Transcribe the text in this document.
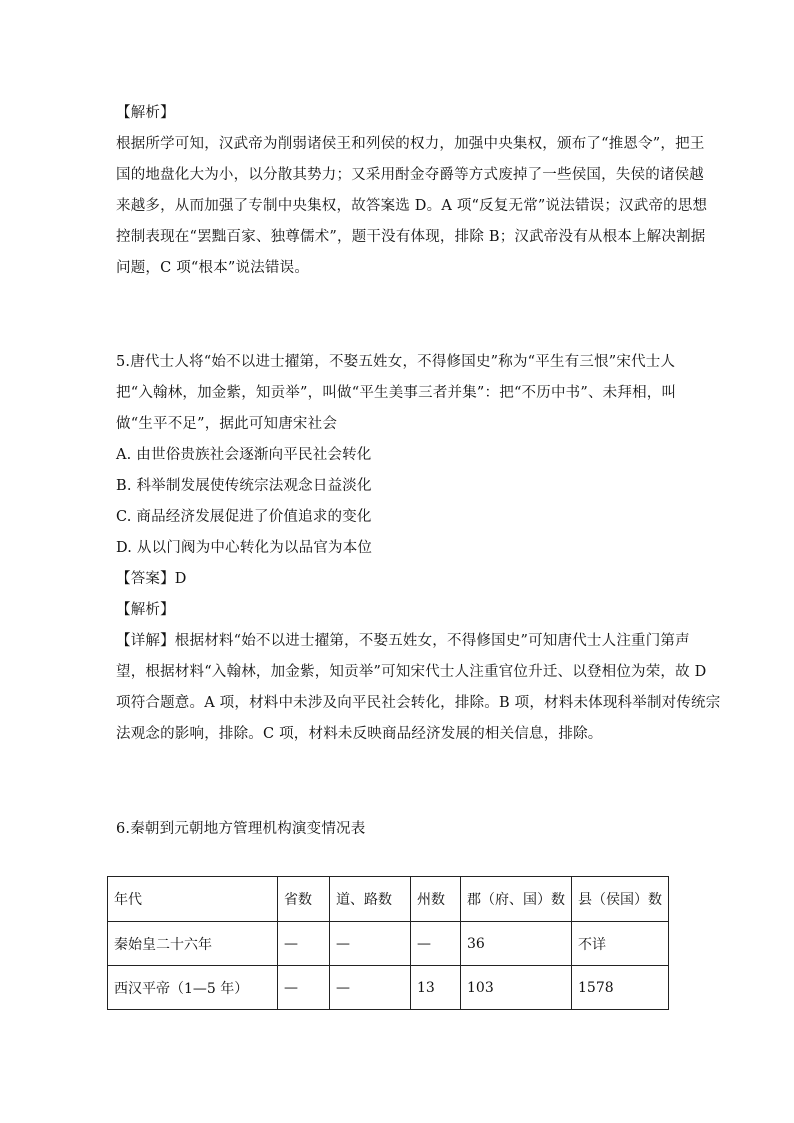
【解析】
根据所学可知，汉武帝为削弱诸侯王和列侯的权力，加强中央集权，颁布了“推恩令”，把王
国的地盘化大为小，以分散其势力；又采用酎金夺爵等方式废掉了一些侯国，失侯的诸侯越
来越多，从而加强了专制中央集权，故答案选 D。A 项“反复无常”说法错误；汉武帝的思想
控制表现在“罢黜百家、独尊儒术”，题干没有体现，排除 B；汉武帝没有从根本上解决割据
问题，C 项“根本”说法错误。
5.唐代士人将“始不以进士擢第，不娶五姓女，不得修国史”称为“平生有三恨”宋代士人
把“入翰林，加金紫，知贡举”，叫做“平生美事三者并集”：把“不历中书”、未拜相，叫
做“生平不足”，据此可知唐宋社会
A. 由世俗贵族社会逐渐向平民社会转化
B. 科举制发展使传统宗法观念日益淡化
C. 商品经济发展促进了价值追求的变化
D. 从以门阀为中心转化为以品官为本位
【答案】D
【解析】
【详解】根据材料“始不以进士擢第，不娶五姓女，不得修国史”可知唐代士人注重门第声
望，根据材料“入翰林，加金紫，知贡举”可知宋代士人注重官位升迁、以登相位为荣，故 D
项符合题意。A 项，材料中未涉及向平民社会转化，排除。B 项，材料未体现科举制对传统宗
法观念的影响，排除。C 项，材料未反映商品经济发展的相关信息，排除。
6.秦朝到元朝地方管理机构演变情况表
年代	省数	道、路数	州数	郡（府、国）数	县（侯国）数
秦始皇二十六年	—	—	—	36	不详
西汉平帝（1—5 年）	—	—	13	103	1578
